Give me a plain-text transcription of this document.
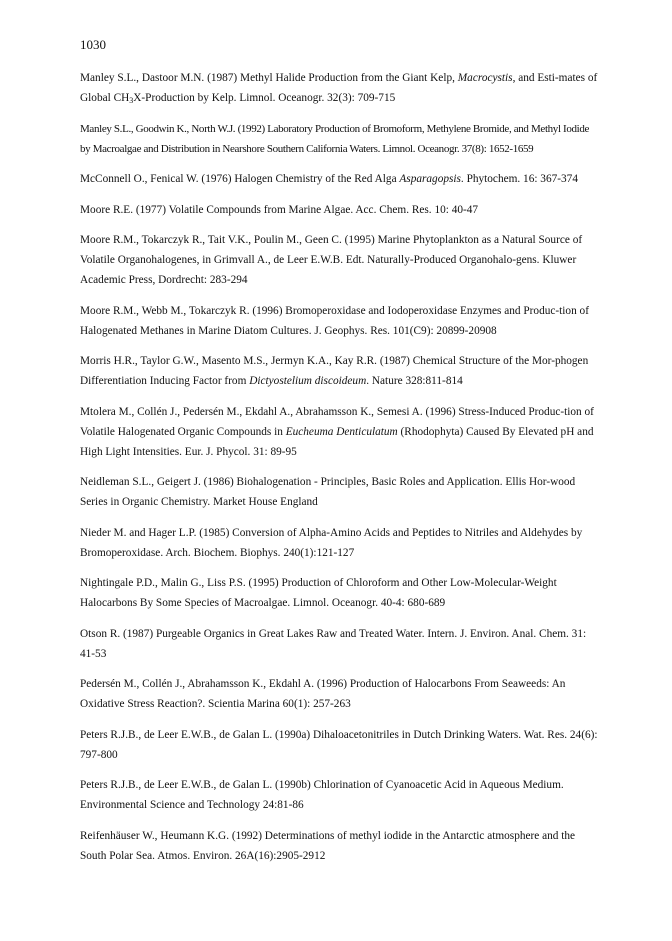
1030

Manley S.L., Dastoor M.N. (1987) Methyl Halide Production from the Giant Kelp, Macrocystis, and Esti-mates of Global $CH_3X$-Production by Kelp. Limnol. Oceanogr. 32(3): 709-715

Manley S.L., Goodwin K., North W.J. (1992) Laboratory Production of Bromoform, Methylene Bromide, and Methyl Iodide by Macroalgae and Distribution in Nearshore Southern California Waters. Limnol. Oceanogr. 37(8): 1652-1659

McConnell O., Fenical W. (1976) Halogen Chemistry of the Red Alga Asparagopsis. Phytochem. 16: 367-374

Moore R.E. (1977) Volatile Compounds from Marine Algae. Acc. Chem. Res. 10: 40-47

Moore R.M., Tokarczyk R., Tait V.K., Poulin M., Geen C. (1995) Marine Phytoplankton as a Natural Source of Volatile Organohalogenes, in Grimvall A., de Leer E.W.B. Edt. Naturally-Produced Organohalo-gens. Kluwer Academic Press, Dordrecht: 283-294

Moore R.M., Webb M., Tokarczyk R. (1996) Bromoperoxidase and Iodoperoxidase Enzymes and Produc-tion of Halogenated Methanes in Marine Diatom Cultures. J. Geophys. Res. 101(C9): 20899-20908

Morris H.R., Taylor G.W., Masento M.S., Jermyn K.A., Kay R.R. (1987) Chemical Structure of the Mor-phogen Differentiation Inducing Factor from Dictyostelium discoideum. Nature 328:811-814

Mtolera M., Collén J., Pedersén M., Ekdahl A., Abrahamsson K., Semesi A. (1996) Stress-Induced Produc-tion of Volatile Halogenated Organic Compounds in Eucheuma Denticulatum (Rhodophyta) Caused By Elevated pH and High Light Intensities. Eur. J. Phycol. 31: 89-95

Neidleman S.L., Geigert J. (1986) Biohalogenation - Principles, Basic Roles and Application. Ellis Hor-wood Series in Organic Chemistry. Market House England

Nieder M. and Hager L.P. (1985) Conversion of Alpha-Amino Acids and Peptides to Nitriles and Aldehydes by Bromoperoxidase. Arch. Biochem. Biophys. 240(1):121-127

Nightingale P.D., Malin G., Liss P.S. (1995) Production of Chloroform and Other Low-Molecular-Weight Halocarbons By Some Species of Macroalgae. Limnol. Oceanogr. 40-4: 680-689

Otson R. (1987) Purgeable Organics in Great Lakes Raw and Treated Water. Intern. J. Environ. Anal. Chem. 31: 41-53

Pedersén M., Collén J., Abrahamsson K., Ekdahl A. (1996) Production of Halocarbons From Seaweeds: An Oxidative Stress Reaction?. Scientia Marina 60(1): 257-263

Peters R.J.B., de Leer E.W.B., de Galan L. (1990a) Dihaloacetonitriles in Dutch Drinking Waters. Wat. Res. 24(6): 797-800

Peters R.J.B., de Leer E.W.B., de Galan L. (1990b) Chlorination of Cyanoacetic Acid in Aqueous Medium. Environmental Science and Technology 24:81-86

Reifenhäuser W., Heumann K.G. (1992) Determinations of methyl iodide in the Antarctic atmosphere and the South Polar Sea. Atmos. Environ. 26A(16):2905-2912
